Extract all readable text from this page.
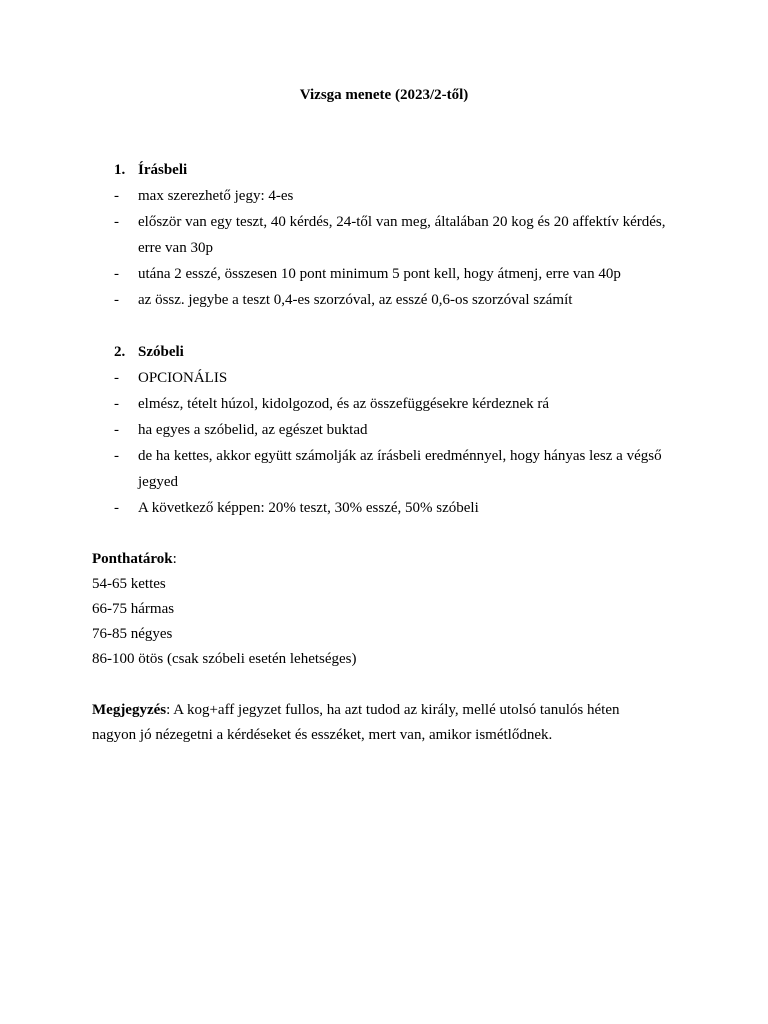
Vizsga menete (2023/2-től)
1. Írásbeli
- max szerezhető jegy: 4-es
- először van egy teszt, 40 kérdés, 24-től van meg, általában 20 kog és 20 affektív kérdés, erre van 30p
- utána 2 esszé, összesen 10 pont minimum 5 pont kell, hogy átmenj, erre van 40p
- az össz. jegybe a teszt 0,4-es szorzóval, az esszé 0,6-os szorzóval számít
2. Szóbeli
- OPCIONÁLIS
- elmész, tételt húzol, kidolgozod, és az összefüggésekre kérdeznek rá
- ha egyes a szóbelid, az egészet buktad
- de ha kettes, akkor együtt számolják az írásbeli eredménnyel, hogy hányas lesz a végső jegyed
- A következő képpen: 20% teszt, 30% esszé, 50% szóbeli
Ponthatárok:
54-65 kettes
66-75 hármas
76-85 négyes
86-100 ötös (csak szóbeli esetén lehetséges)
Megjegyzés: A kog+aff jegyzet fullos, ha azt tudod az király, mellé utolsó tanulós héten nagyon jó nézegetni a kérdéseket és esszéket, mert van, amikor ismétlődnek.
